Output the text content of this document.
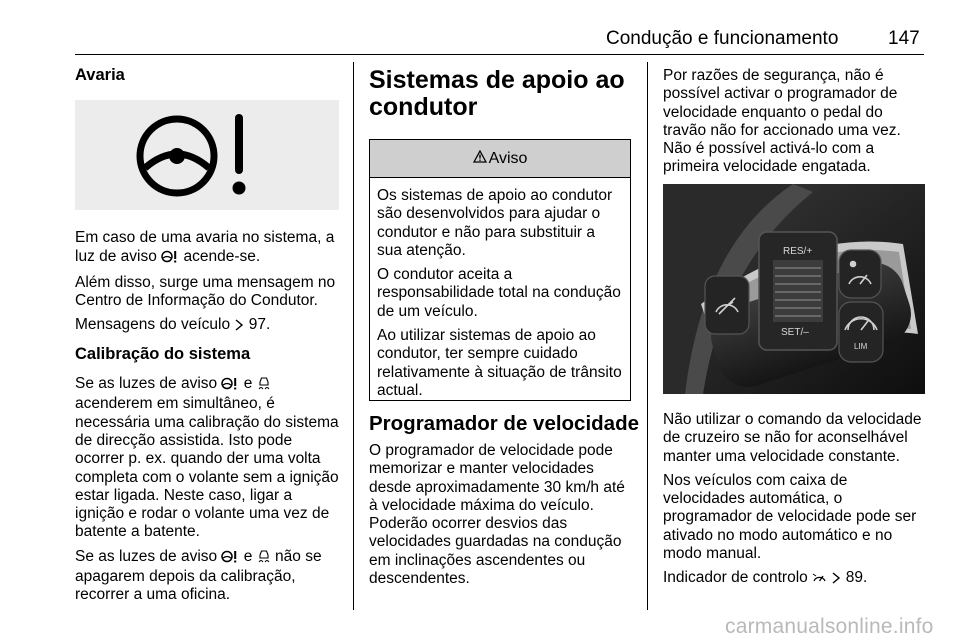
Condução e funcionamento	147
Avaria

Em caso de uma avaria no sistema, a luz de aviso acende-se.

Além disso, surge uma mensagem no Centro de Informação do Condutor.

Mensagens do veículo 97.

Calibração do sistema

Se as luzes de aviso e  acenderem em simultâneo, é necessária uma calibração do sistema de direcção assistida. Isto pode ocorrer p. ex. quando der uma volta completa com o volante sem a ignição estar ligada. Neste caso, ligar a ignição e rodar o volante uma vez de batente a batente.

Se as luzes de aviso e não se apagarem depois da calibração, recorrer a uma oficina.

Sistemas de apoio ao condutor
Aviso

Os sistemas de apoio ao condutor são desenvolvidos para ajudar o condutor e não para substituir a sua atenção.

O condutor aceita a responsabilidade total na condução de um veículo.

Ao utilizar sistemas de apoio ao condutor, ter sempre cuidado relativamente à situação de trânsito actual.

Programador de velocidade

O programador de velocidade pode memorizar e manter velocidades desde aproximadamente 30 km/h até à velocidade máxima do veículo. Poderão ocorrer desvios das velocidades guardadas na condução em inclinações ascendentes ou descendentes.

Por razões de segurança, não é possível activar o programador de velocidade enquanto o pedal do travão não for accionado uma vez. Não é possível activá-lo com a primeira velocidade engatada.

RES/+
SET/–
LIM

Não utilizar o comando da velocidade de cruzeiro se não for aconselhável manter uma velocidade constante.

Nos veículos com caixa de velocidades automática, o programador de velocidade pode ser ativado no modo automático e no modo manual.

Indicador de controlo 89.

carmanualsonline.info
